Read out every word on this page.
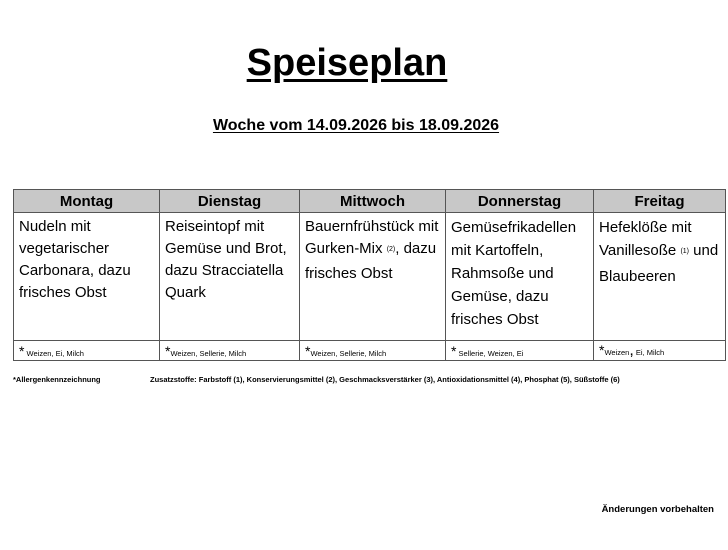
Speiseplan
Woche vom 14.09.2026 bis 18.09.2026
Montag	Dienstag	Mittwoch	Donnerstag	Freitag
Nudeln mit vegetarischer Carbonara, dazu frisches Obst	Reiseintopf mit Gemüse und Brot, dazu Stracciatella Quark	Bauernfrühstück mit Gurken-Mix $^{(2)}$, dazu frisches Obst	Gemüsefrikadellen mit Kartoffeln, Rahmsoße und Gemüse, dazu frisches Obst	Hefeklöße mit Vanillesoße $^{(1)}$ und Blaubeeren
* Weizen, Ei, Milch	*Weizen, Sellerie, Milch	*Weizen, Sellerie, Milch	* Sellerie, Weizen, Ei	*Weizen, Ei, Milch
*Allergenkennzeichnung	Zusatzstoffe: Farbstoff (1), Konservierungsmittel (2), Geschmacksverstärker (3), Antioxidationsmittel (4), Phosphat (5), Süßstoffe (6)
Änderungen vorbehalten
